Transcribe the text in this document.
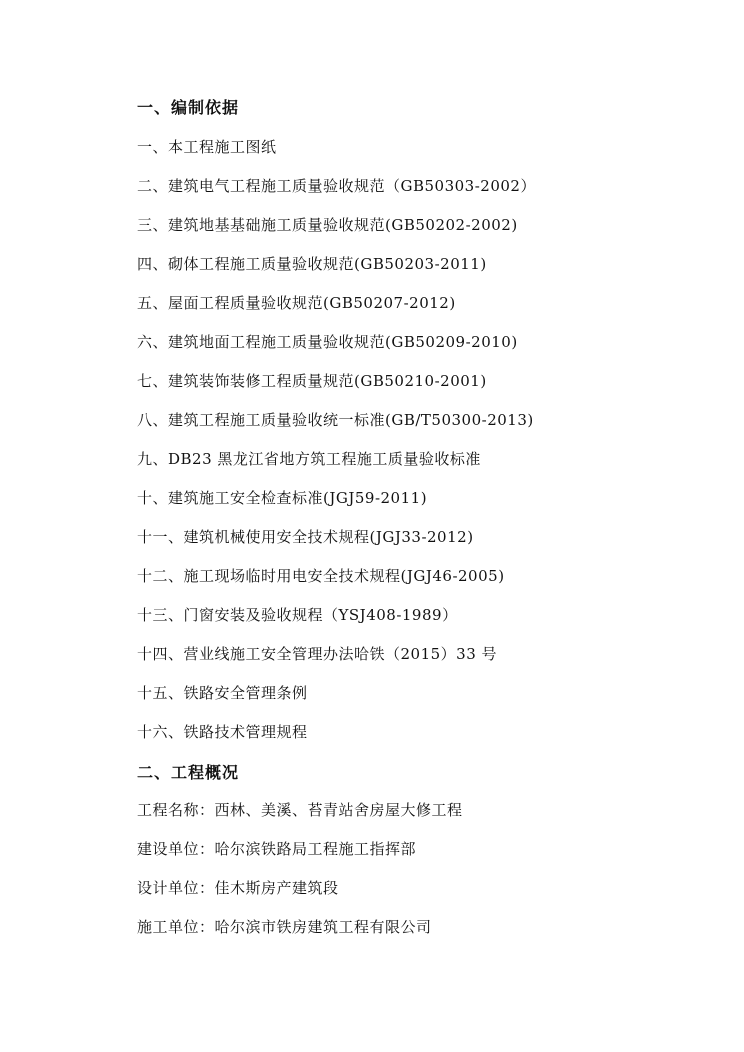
一、编制依据
一、本工程施工图纸
二、建筑电气工程施工质量验收规范（GB50303-2002）
三、建筑地基基础施工质量验收规范(GB50202-2002)
四、砌体工程施工质量验收规范(GB50203-2011)
五、屋面工程质量验收规范(GB50207-2012)
六、建筑地面工程施工质量验收规范(GB50209-2010)
七、建筑装饰装修工程质量规范(GB50210-2001)
八、建筑工程施工质量验收统一标准(GB/T50300-2013)
九、DB23 黑龙江省地方筑工程施工质量验收标准
十、建筑施工安全检查标准(JGJ59-2011)
十一、建筑机械使用安全技术规程(JGJ33-2012)
十二、施工现场临时用电安全技术规程(JGJ46-2005)
十三、门窗安装及验收规程（YSJ408-1989）
十四、营业线施工安全管理办法哈铁（2015）33 号
十五、铁路安全管理条例
十六、铁路技术管理规程
二、工程概况
工程名称：西林、美溪、苔青站舍房屋大修工程
建设单位：哈尔滨铁路局工程施工指挥部
设计单位：佳木斯房产建筑段
施工单位：哈尔滨市铁房建筑工程有限公司
